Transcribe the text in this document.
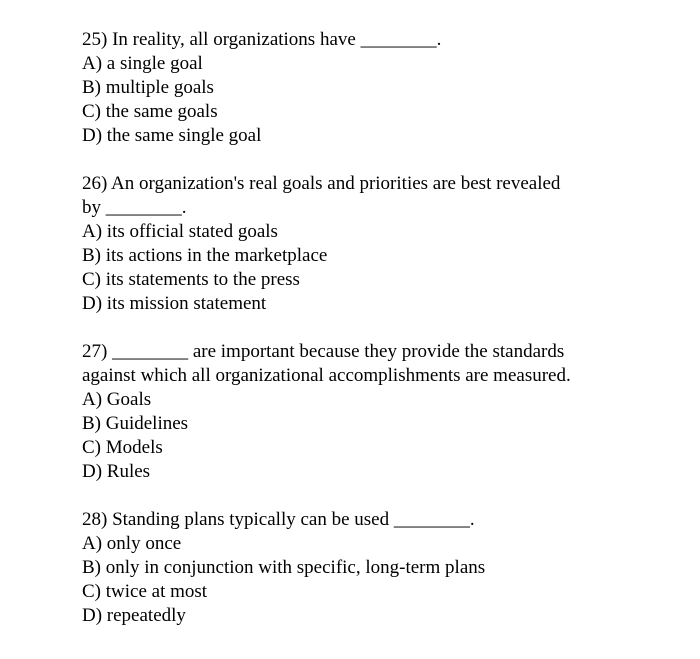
25) In reality, all organizations have ________.
A) a single goal
B) multiple goals
C) the same goals
D) the same single goal
26) An organization's real goals and priorities are best revealed
by ________.
A) its official stated goals
B) its actions in the marketplace
C) its statements to the press
D) its mission statement
27) ________ are important because they provide the standards
against which all organizational accomplishments are measured.
A) Goals
B) Guidelines
C) Models
D) Rules
28) Standing plans typically can be used ________.
A) only once
B) only in conjunction with specific, long-term plans
C) twice at most
D) repeatedly
